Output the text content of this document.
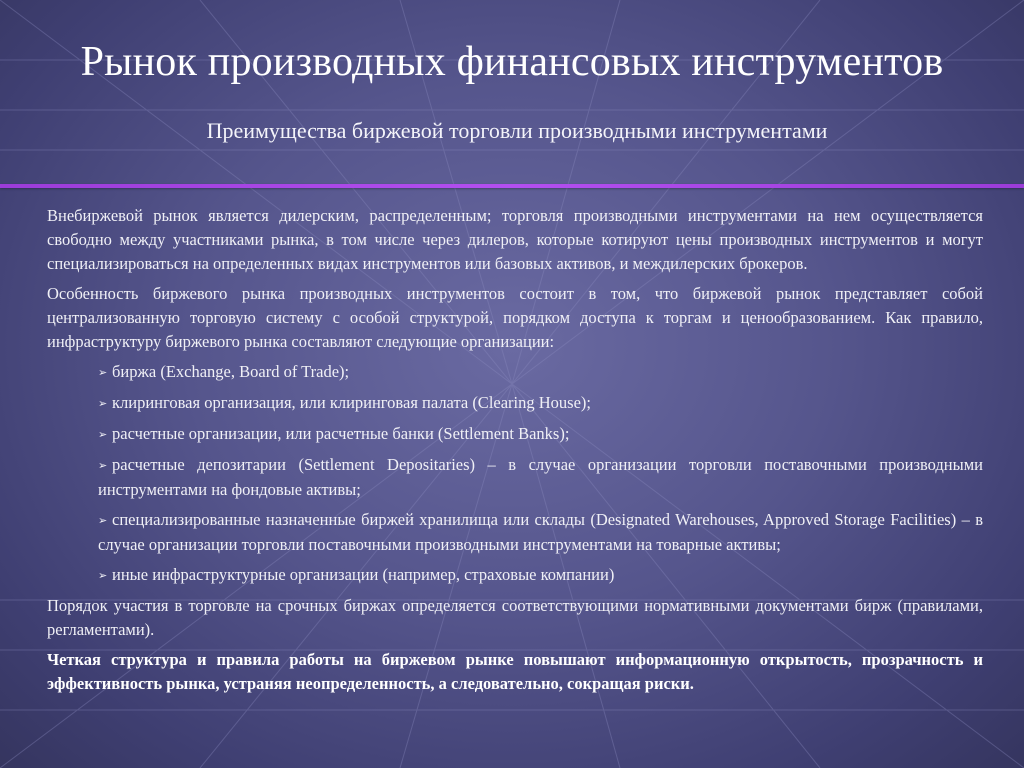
Рынок производных финансовых инструментов
Преимущества биржевой торговли производными инструментами

Внебиржевой рынок является дилерским, распределенным; торговля производными инструментами на нем осуществляется свободно между участниками рынка, в том числе через дилеров, которые котируют цены производных инструментов и могут специализироваться на определенных видах инструментов или базовых активов, и междилерских брокеров.

Особенность биржевого рынка производных инструментов состоит в том, что биржевой рынок представляет собой централизованную торговую систему с особой структурой, порядком доступа к торгам и ценообразованием. Как правило, инфраструктуру биржевого рынка составляют следующие организации:

➢ биржа (Exchange, Board of Trade);
➢ клиринговая организация, или клиринговая палата (Clearing House);
➢ расчетные организации, или расчетные банки (Settlement Banks);
➢ расчетные депозитарии (Settlement Depositaries) – в случае организации торговли поставочными производными инструментами на фондовые активы;
➢ специализированные назначенные биржей хранилища или склады (Designated Warehouses, Approved Storage Facilities) – в случае организации торговли поставочными производными инструментами на товарные активы;
➢ иные инфраструктурные организации (например, страховые компании)

Порядок участия в торговле на срочных биржах определяется соответствующими нормативными документами бирж (правилами, регламентами).

Четкая структура и правила работы на биржевом рынке повышают информационную открытость, прозрачность и эффективность рынка, устраняя неопределенность, а следовательно, сокращая риски.
